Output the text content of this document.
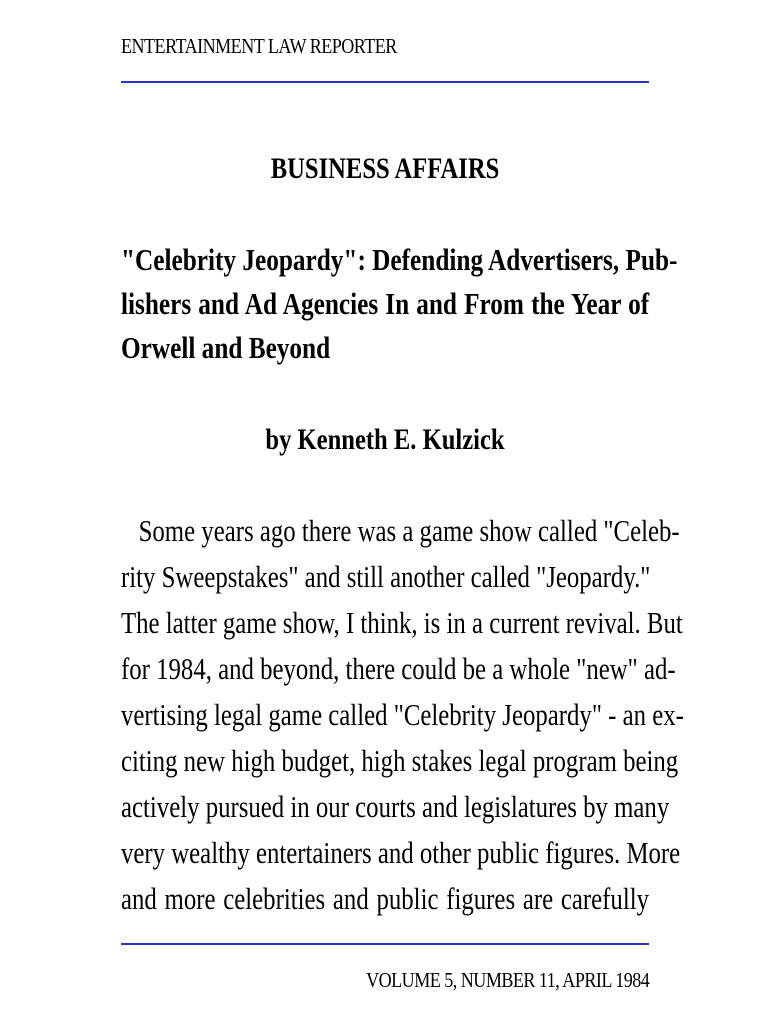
ENTERTAINMENT LAW REPORTER
BUSINESS AFFAIRS
"Celebrity Jeopardy": Defending Advertisers, Pub-
lishers and Ad Agencies In and From the Year of
Orwell and Beyond
by Kenneth E. Kulzick
Some years ago there was a game show called "Celeb-
rity Sweepstakes" and still another called "Jeopardy."
The latter game show, I think, is in a current revival. But
for 1984, and beyond, there could be a whole "new" ad-
vertising legal game called "Celebrity Jeopardy" - an ex-
citing new high budget, high stakes legal program being
actively pursued in our courts and legislatures by many
very wealthy entertainers and other public figures. More
and more celebrities and public figures are carefully
VOLUME 5, NUMBER 11, APRIL 1984
